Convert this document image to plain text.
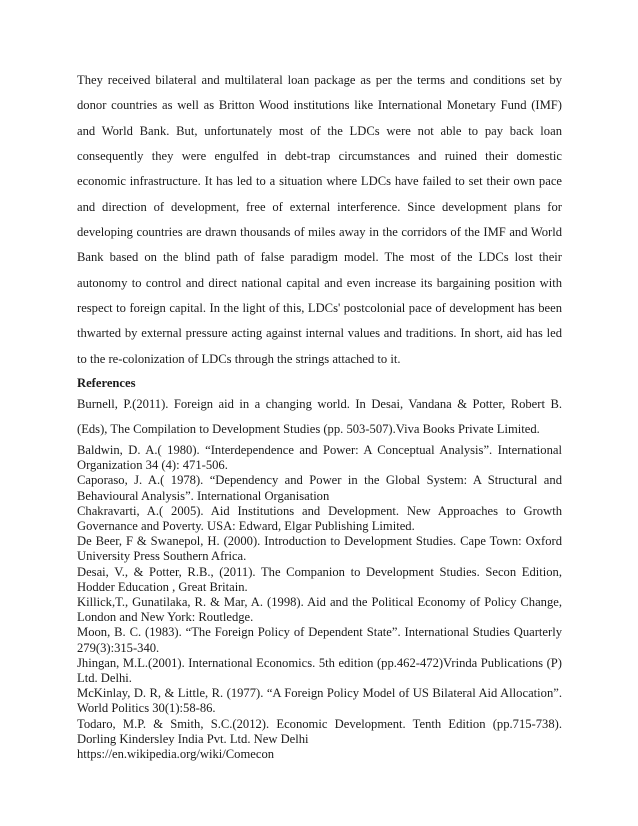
They received bilateral and multilateral loan package as per the terms and conditions set by donor countries as well as Britton Wood institutions like International Monetary Fund (IMF) and World Bank. But, unfortunately most of the LDCs were not able to pay back loan consequently they were engulfed in debt-trap circumstances and ruined their domestic economic infrastructure. It has led to a situation where LDCs have failed to set their own pace and direction of development, free of external interference. Since development plans for developing countries are drawn thousands of miles away in the corridors of the IMF and World Bank based on the blind path of false paradigm model. The most of the LDCs lost their autonomy to control and direct national capital and even increase its bargaining position with respect to foreign capital. In the light of this, LDCs' postcolonial pace of development has been thwarted by external pressure acting against internal values and traditions. In short, aid has led to the re-colonization of LDCs through the strings attached to it.

References
Burnell, P.(2011). Foreign aid in a changing world. In Desai, Vandana & Potter, Robert B. (Eds), The Compilation to Development Studies (pp. 503-507).Viva Books Private Limited.
Baldwin, D. A.( 1980). “Interdependence and Power: A Conceptual Analysis”. International Organization 34 (4): 471-506.
Caporaso, J. A.( 1978). “Dependency and Power in the Global System: A Structural and Behavioural Analysis”. International Organisation
Chakravarti, A.( 2005). Aid Institutions and Development. New Approaches to Growth Governance and Poverty. USA: Edward, Elgar Publishing Limited.
De Beer, F & Swanepol, H. (2000). Introduction to Development Studies. Cape Town: Oxford University Press Southern Africa.
Desai, V., & Potter, R.B., (2011). The Companion to Development Studies. Secon Edition, Hodder Education , Great Britain.
Killick,T., Gunatilaka, R. & Mar, A. (1998). Aid and the Political Economy of Policy Change, London and New York: Routledge.
Moon, B. C. (1983). “The Foreign Policy of Dependent State”. International Studies Quarterly 279(3):315-340.
Jhingan, M.L.(2001). International Economics. 5th edition (pp.462-472)Vrinda Publications (P) Ltd. Delhi.
McKinlay, D. R, & Little, R. (1977). “A Foreign Policy Model of US Bilateral Aid Allocation”. World Politics 30(1):58-86.
Todaro, M.P. & Smith, S.C.(2012). Economic Development. Tenth Edition (pp.715-738). Dorling Kindersley India Pvt. Ltd. New Delhi
https://en.wikipedia.org/wiki/Comecon
